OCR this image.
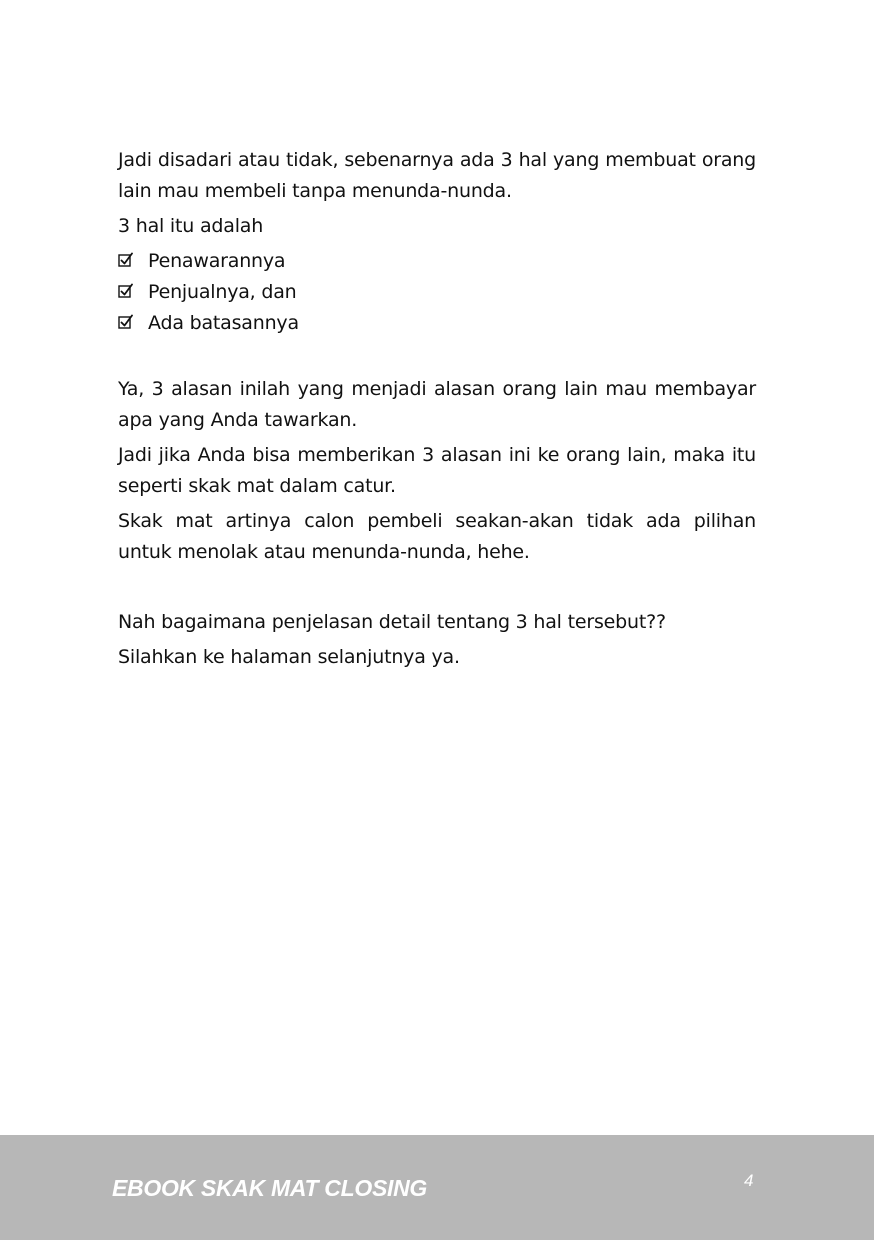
Jadi disadari atau tidak, sebenarnya ada 3 hal yang membuat orang lain mau membeli tanpa menunda-nunda.

3 hal itu adalah

Penawarannya
Penjualnya, dan
Ada batasannya

Ya, 3 alasan inilah yang menjadi alasan orang lain mau membayar apa yang Anda tawarkan.

Jadi jika Anda bisa memberikan 3 alasan ini ke orang lain, maka itu seperti skak mat dalam catur.

Skak mat artinya calon pembeli seakan-akan tidak ada pilihan untuk menolak atau menunda-nunda, hehe.

Nah bagaimana penjelasan detail tentang 3 hal tersebut??

Silahkan ke halaman selanjutnya ya.

EBOOK SKAK MAT CLOSING	4
